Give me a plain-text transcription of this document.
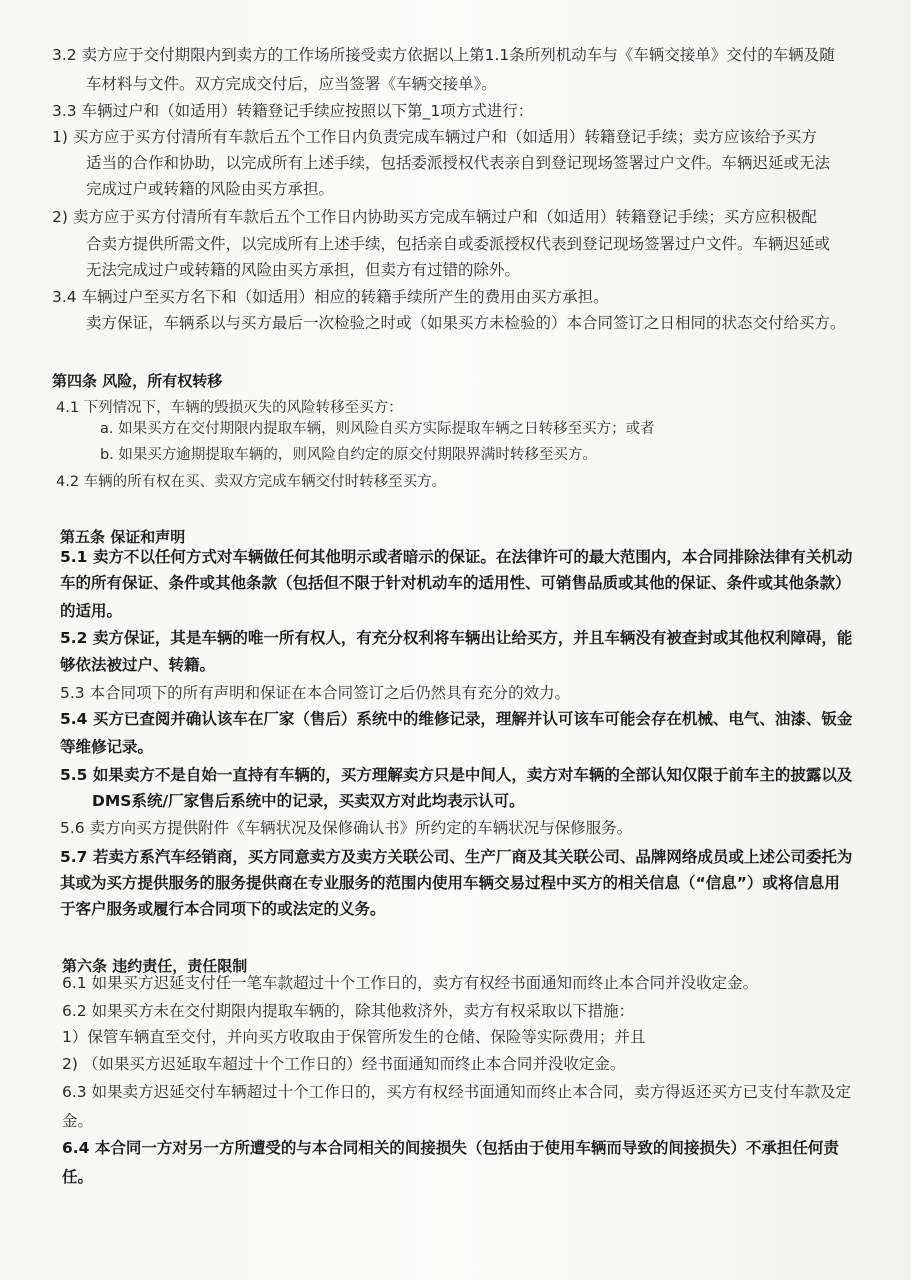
3.2 卖方应于交付期限内到卖方的工作场所接受卖方依据以上第1.1条所列机动车与《车辆交接单》交付的车辆及随
车材料与文件。双方完成交付后，应当签署《车辆交接单》。
3.3 车辆过户和（如适用）转籍登记手续应按照以下第_1项方式进行：
1) 买方应于买方付清所有车款后五个工作日内负责完成车辆过户和（如适用）转籍登记手续；卖方应该给予买方
适当的合作和协助，以完成所有上述手续，包括委派授权代表亲自到登记现场签署过户文件。车辆迟延或无法
完成过户或转籍的风险由买方承担。
2) 卖方应于买方付清所有车款后五个工作日内协助买方完成车辆过户和（如适用）转籍登记手续；买方应积极配
合卖方提供所需文件，以完成所有上述手续，包括亲自或委派授权代表到登记现场签署过户文件。车辆迟延或
无法完成过户或转籍的风险由买方承担，但卖方有过错的除外。
3.4 车辆过户至买方名下和（如适用）相应的转籍手续所产生的费用由买方承担。
卖方保证，车辆系以与买方最后一次检验之时或（如果买方未检验的）本合同签订之日相同的状态交付给买方。
第四条 风险，所有权转移
4.1 下列情况下，车辆的毁损灭失的风险转移至买方：
a. 如果买方在交付期限内提取车辆，则风险自买方实际提取车辆之日转移至买方；或者
b. 如果买方逾期提取车辆的，则风险自约定的原交付期限界满时转移至买方。
4.2 车辆的所有权在买、卖双方完成车辆交付时转移至买方。
第五条 保证和声明
5.1 卖方不以任何方式对车辆做任何其他明示或者暗示的保证。在法律许可的最大范围内，本合同排除法律有关机动
车的所有保证、条件或其他条款（包括但不限于针对机动车的适用性、可销售品质或其他的保证、条件或其他条款）
的适用。
5.2 卖方保证，其是车辆的唯一所有权人，有充分权利将车辆出让给买方，并且车辆没有被查封或其他权利障碍，能
够依法被过户、转籍。
5.3 本合同项下的所有声明和保证在本合同签订之后仍然具有充分的效力。
5.4 买方已查阅并确认该车在厂家（售后）系统中的维修记录，理解并认可该车可能会存在机械、电气、油漆、钣金
等维修记录。
5.5 如果卖方不是自始一直持有车辆的，买方理解卖方只是中间人，卖方对车辆的全部认知仅限于前车主的披露以及
DMS系统/厂家售后系统中的记录，买卖双方对此均表示认可。
5.6 卖方向买方提供附件《车辆状况及保修确认书》所约定的车辆状况与保修服务。
5.7 若卖方系汽车经销商，买方同意卖方及卖方关联公司、生产厂商及其关联公司、品牌网络成员或上述公司委托为
其或为买方提供服务的服务提供商在专业服务的范围内使用车辆交易过程中买方的相关信息（“信息”）或将信息用
于客户服务或履行本合同项下的或法定的义务。
第六条 违约责任，责任限制
6.1 如果买方迟延支付任一笔车款超过十个工作日的，卖方有权经书面通知而终止本合同并没收定金。
6.2 如果买方未在交付期限内提取车辆的，除其他救济外，卖方有权采取以下措施：
1）保管车辆直至交付，并向买方收取由于保管所发生的仓储、保险等实际费用；并且
2) （如果买方迟延取车超过十个工作日的）经书面通知而终止本合同并没收定金。
6.3 如果卖方迟延交付车辆超过十个工作日的，买方有权经书面通知而终止本合同，卖方得返还买方已支付车款及定
金。
6.4 本合同一方对另一方所遭受的与本合同相关的间接损失（包括由于使用车辆而导致的间接损失）不承担任何责
任。
